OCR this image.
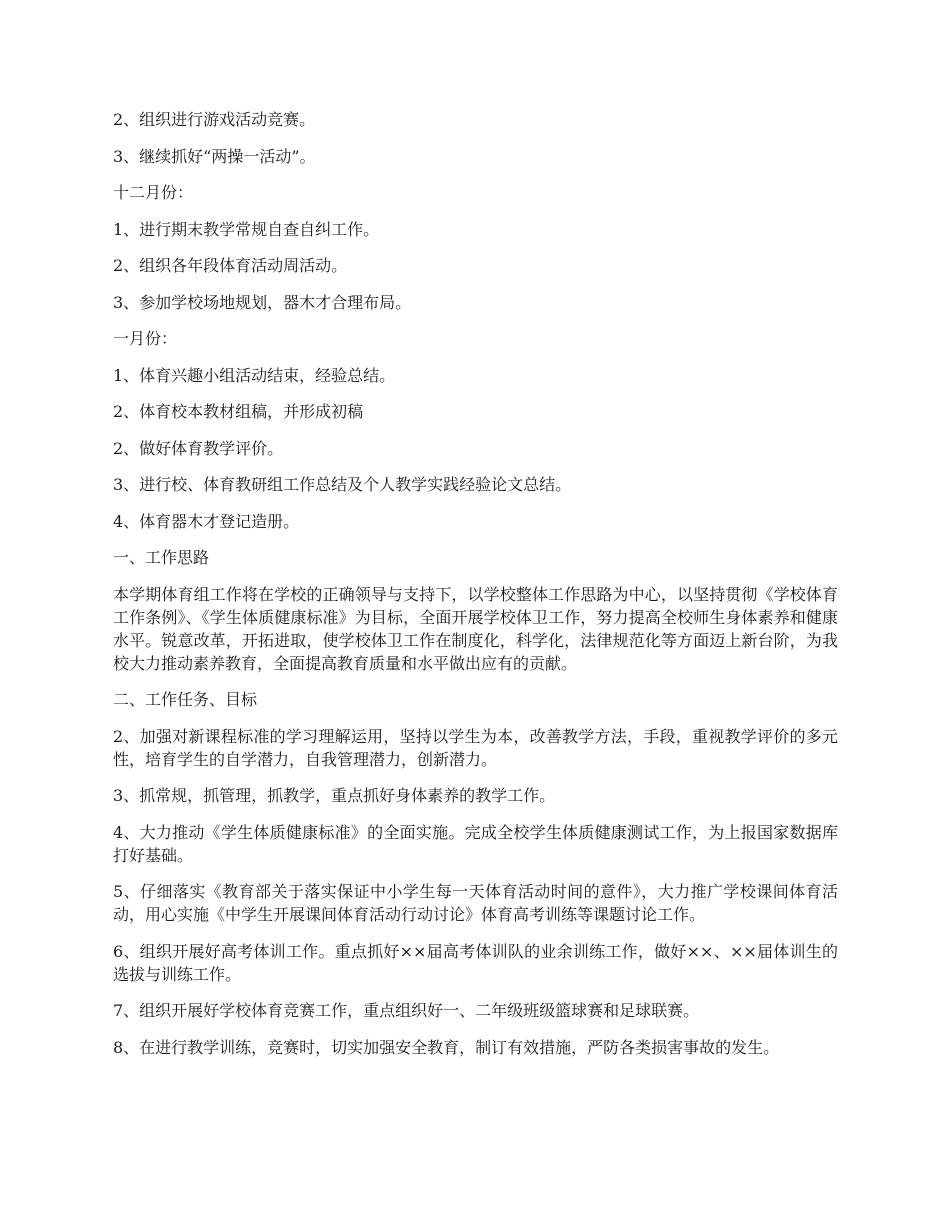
2、组织进行游戏活动竞赛。

3、继续抓好“两操一活动”。

十二月份：

1、进行期末教学常规自查自纠工作。

2、组织各年段体育活动周活动。

3、参加学校场地规划，器木才合理布局。

一月份：

1、体育兴趣小组活动结束，经验总结。

2、体育校本教材组稿，并形成初稿

2、做好体育教学评价。

3、进行校、体育教研组工作总结及个人教学实践经验论文总结。

4、体育器木才登记造册。

一、工作思路

本学期体育组工作将在学校的正确领导与支持下，以学校整体工作思路为中心，以坚持贯彻《学校体育工作条例》、《学生体质健康标准》为目标，全面开展学校体卫工作，努力提高全校师生身体素养和健康水平。锐意改革，开拓进取，使学校体卫工作在制度化，科学化，法律规范化等方面迈上新台阶，为我校大力推动素养教育，全面提高教育质量和水平做出应有的贡献。

二、工作任务、目标

2、加强对新课程标准的学习理解运用，坚持以学生为本，改善教学方法，手段，重视教学评价的多元性，培育学生的自学潜力，自我管理潜力，创新潜力。

3、抓常规，抓管理，抓教学，重点抓好身体素养的教学工作。

4、大力推动《学生体质健康标准》的全面实施。完成全校学生体质健康测试工作，为上报国家数据库打好基础。

5、仔细落实《教育部关于落实保证中小学生每一天体育活动时间的意件》，大力推广学校课间体育活动，用心实施《中学生开展课间体育活动行动讨论》体育高考训练等课题讨论工作。

6、组织开展好高考体训工作。重点抓好××届高考体训队的业余训练工作，做好××、××届体训生的选拔与训练工作。

7、组织开展好学校体育竞赛工作，重点组织好一、二年级班级篮球赛和足球联赛。

8、在进行教学训练，竞赛时，切实加强安全教育，制订有效措施，严防各类损害事故的发生。
